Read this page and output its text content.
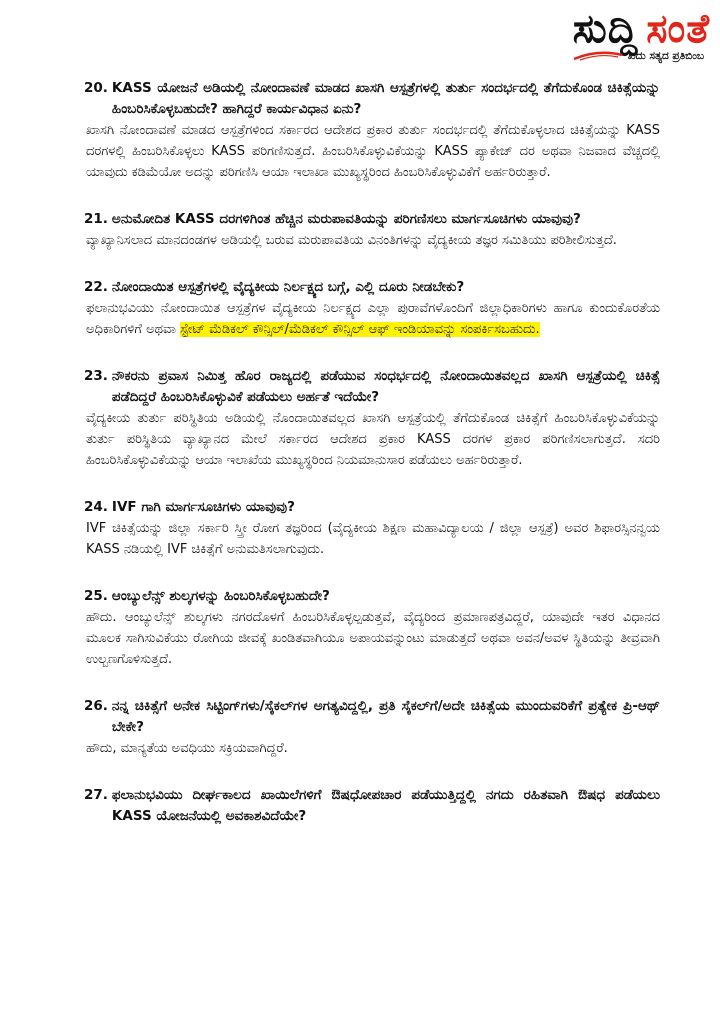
ಸುದ್ದಿ ಸಂತೆ
ಖಿದು ಸತ್ಯದ ಪ್ರತಿಬಿಂಬ
20. KASS ಯೋಜನೆ ಅಡಿಯಲ್ಲಿ ನೋಂದಾವಣೆ ಮಾಡದ ಖಾಸಗಿ ಆಸ್ಪತ್ರೆಗಳಲ್ಲಿ ತುರ್ತು ಸಂದರ್ಭದಲ್ಲಿ ತೆಗೆದುಕೊಂಡ ಚಿಕಿತ್ಸೆಯನ್ನು ಹಿಂಬರಿಸಿಕೊಳ್ಳಬಹುದೇ? ಹಾಗಿದ್ದರೆ ಕಾರ್ಯವಿಧಾನ ಏನು?
ಖಾಸಗಿ ನೋಂದಾವಣೆ ಮಾಡದ ಆಸ್ಪತ್ರೆಗಳಿಂದ ಸರ್ಕಾರದ ಆದೇಶದ ಪ್ರಕಾರ ತುರ್ತು ಸಂದರ್ಭದಲ್ಲಿ ತೆಗೆದುಕೊಳ್ಳಲಾದ ಚಿಕಿತ್ಸೆಯನ್ನು KASS ದರಗಳಲ್ಲಿ ಹಿಂಬರಿಸಿಕೊಳ್ಳಲು KASS ಪರಿಗಣಿಸುತ್ತದೆ. ಹಿಂಬರಿಸಿಕೊಳ್ಳುವಿಕೆಯನ್ನು KASS ಪ್ಯಾಕೇಜ್ ದರ ಅಥವಾ ನಿಜವಾದ ವೆಚ್ಚದಲ್ಲಿ ಯಾವುದು ಕಡಿಮೆಯೋ ಅದನ್ನು ಪರಿಗಣಿಸಿ ಆಯಾ ಇಲಾಖಾ ಮುಖ್ಯಸ್ಥರಿಂದ ಹಿಂಬರಿಸಿಕೊಳ್ಳುವಿಕೆಗೆ ಅರ್ಹರಿರುತ್ತಾರೆ.
21. ಅನುಮೋದಿತ KASS ದರಗಳಿಗಿಂತ ಹೆಚ್ಚಿನ ಮರುಪಾವತಿಯನ್ನು ಪರಿಗಣಿಸಲು ಮಾರ್ಗಸೂಚಿಗಳು ಯಾವುವು?
ವ್ಯಾಖ್ಯಾನಿಸಲಾದ ಮಾನದಂಡಗಳ ಅಡಿಯಲ್ಲಿ ಬರುವ ಮರುಪಾವತಿಯ ವಿನಂತಿಗಳನ್ನು ವೈದ್ಯಕೀಯ ತಜ್ಞರ ಸಮಿತಿಯು ಪರಿಶೀಲಿಸುತ್ತದೆ.
22. ನೋಂದಾಯಿತ ಆಸ್ಪತ್ರೆಗಳಲ್ಲಿ ವೈದ್ಯಕೀಯ ನಿರ್ಲಕ್ಷ್ಯದ ಬಗ್ಗೆ, ಎಲ್ಲಿ ದೂರು ನೀಡಬೇಕು?
ಫಲಾನುಭವಿಯು ನೋಂದಾಯಿತ ಆಸ್ಪತ್ರೆಗಳ ವೈದ್ಯಕೀಯ ನಿರ್ಲಕ್ಷ್ಯದ ಎಲ್ಲಾ ಪುರಾವೆಗಳೊಂದಿಗೆ ಜಿಲ್ಲಾಧಿಕಾರಿಗಳು ಹಾಗೂ ಕುಂದುಕೊರತೆಯ ಅಧಿಕಾರಿಗಳಿಗೆ ಅಥವಾ ಸ್ಟೇಟ್ ಮೆಡಿಕಲ್ ಕೌನ್ಸಿಲ್/ಮೆಡಿಕಲ್ ಕೌನ್ಸಿಲ್ ಆಫ್ ಇಂಡಿಯಾವನ್ನು ಸಂಪರ್ಕಿಸಬಹುದು.
23. ನೌಕರನು ಪ್ರವಾಸ ನಿಮಿತ್ತ ಹೊರ ರಾಜ್ಯದಲ್ಲಿ ಪಡೆಯುವ ಸಂಧರ್ಭದಲ್ಲಿ ನೋಂದಾಯಿತವಲ್ಲದ ಖಾಸಗಿ ಆಸ್ಪತ್ರೆಯಲ್ಲಿ ಚಿಕಿತ್ಸೆ ಪಡೆದಿದ್ದರೆ ಹಿಂಬರಿಸಿಕೊಳ್ಳುವಿಕೆ ಪಡೆಯಲು ಅರ್ಹತೆ ಇದೆಯೇ?
ವೈದ್ಯಕೀಯ ತುರ್ತು ಪರಿಸ್ಥಿತಿಯ ಅಡಿಯಲ್ಲಿ ನೊಂದಾಯಿತವಲ್ಲದ ಖಾಸಗಿ ಆಸ್ಪತ್ರೆಯಲ್ಲಿ ತೆಗೆದುಕೊಂಡ ಚಿಕಿತ್ಸೆಗೆ ಹಿಂಬರಿಸಿಕೊಳ್ಳುವಿಕೆಯನ್ನು ತುರ್ತು ಪರಿಸ್ಥಿತಿಯ ವ್ಯಾಖ್ಯಾನದ ಮೇಲೆ ಸರ್ಕಾರದ ಆದೇಶದ ಪ್ರಕಾರ KASS ದರಗಳ ಪ್ರಕಾರ ಪರಿಗಣಿಸಲಾಗುತ್ತದೆ. ಸದರಿ ಹಿಂಬರಿಸಿಕೊಳ್ಳುವಿಕೆಯನ್ನು ಆಯಾ ಇಲಾಖೆಯ ಮುಖ್ಯಸ್ಥರಿಂದ ನಿಯಮಾನುಸಾರ ಪಡೆಯಲು ಅರ್ಹರಿರುತ್ತಾರೆ.
24. IVF ಗಾಗಿ ಮಾರ್ಗಸೂಚಿಗಳು ಯಾವುವು?
IVF ಚಿಕಿತ್ಸೆಯನ್ನು ಜಿಲ್ಲಾ ಸರ್ಕಾರಿ ಸ್ತ್ರೀ ರೋಗ ತಜ್ಞರಿಂದ (ವೈದ್ಯಕೀಯ ಶಿಕ್ಷಣ ಮಹಾವಿದ್ಯಾಲಯ / ಜಿಲ್ಲಾ ಆಸ್ಪತ್ರೆ) ಅವರ ಶಿಫಾರಸ್ಸಿನನ್ವಯ KASS ನಡಿಯಲ್ಲಿ IVF ಚಿಕಿತ್ಸೆಗೆ ಅನುಮತಿಸಲಾಗುವುದು.
25. ಆಂಬ್ಯುಲೆನ್ಸ್ ಶುಲ್ಕಗಳನ್ನು ಹಿಂಬರಿಸಿಕೊಳ್ಳಬಹುದೇ?
ಹೌದು. ಆಂಬ್ಯುಲೆನ್ಸ್ ಶುಲ್ಕಗಳು ನಗರದೊಳಗೆ ಹಿಂಬರಿಸಿಕೊಳ್ಳಲ್ಪಡುತ್ತವೆ, ವೈದ್ಯರಿಂದ ಪ್ರಮಾಣಪತ್ರವಿದ್ದರೆ, ಯಾವುದೇ ಇತರ ವಿಧಾನದ ಮೂಲಕ ಸಾಗಿಸುವಿಕೆಯು ರೋಗಿಯ ಜೀವಕ್ಕೆ ಖಂಡಿತವಾಗಿಯೂ ಅಪಾಯವನ್ನುಂಟು ಮಾಡುತ್ತದೆ ಅಥವಾ ಅವನ/ಅವಳ ಸ್ಥಿತಿಯನ್ನು ತೀವ್ರವಾಗಿ ಉಲ್ಬಣಗೊಳಿಸುತ್ತದೆ.
26. ನನ್ನ ಚಿಕಿತ್ಸೆಗೆ ಅನೇಕ ಸಿಟ್ಟಿಂಗ್‌ಗಳು/ಸೈಕಲ್‌ಗಳ ಅಗತ್ಯವಿದ್ದಲ್ಲಿ, ಪ್ರತಿ ಸೈಕಲ್‌ಗೆ/ಅದೇ ಚಿಕಿತ್ಸೆಯ ಮುಂದುವರಿಕೆಗೆ ಪ್ರತ್ಯೇಕ ಪ್ರಿ-ಆಥ್ ಬೇಕೇ?
ಹೌದು, ಮಾನ್ಯತೆಯ ಅವಧಿಯು ಸಕ್ರಿಯವಾಗಿದ್ದರೆ.
27. ಫಲಾನುಭವಿಯು ದೀರ್ಘಕಾಲದ ಖಾಯಿಲೆಗಳಿಗೆ ಔಷಧೋಪಚಾರ ಪಡೆಯುತ್ತಿದ್ದಲ್ಲಿ ನಗದು ರಹಿತವಾಗಿ ಔಷಧ ಪಡೆಯಲು KASS ಯೋಜನೆಯಲ್ಲಿ ಅವಕಾಶವಿದೆಯೇ?
